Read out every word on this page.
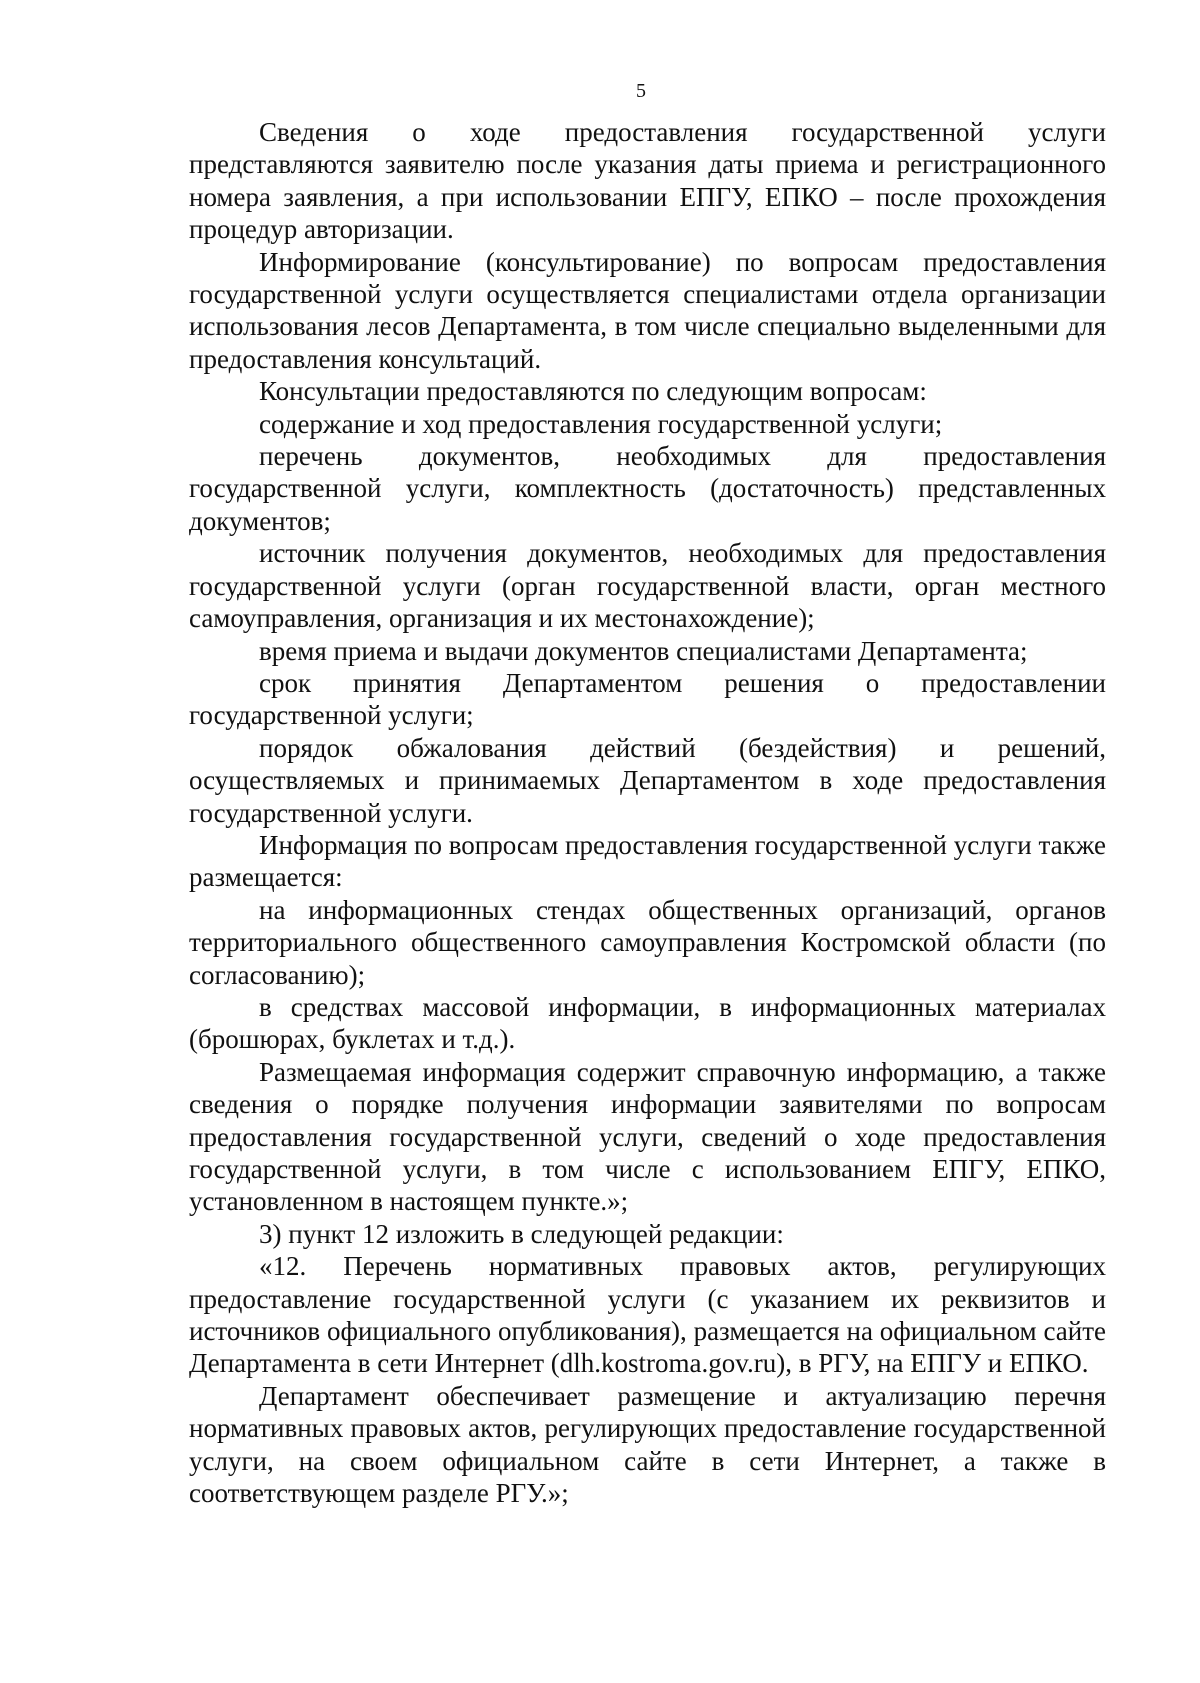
5

Сведения о ходе предоставления государственной услуги представляются заявителю после указания даты приема и регистрационного номера заявления, а при использовании ЕПГУ, ЕПКО – после прохождения процедур авторизации.

Информирование (консультирование) по вопросам предоставления государственной услуги осуществляется специалистами отдела организации использования лесов Департамента, в том числе специально выделенными для предоставления консультаций.

Консультации предоставляются по следующим вопросам:

содержание и ход предоставления государственной услуги;

перечень документов, необходимых для предоставления государственной услуги, комплектность (достаточность) представленных документов;

источник получения документов, необходимых для предоставления государственной услуги (орган государственной власти, орган местного самоуправления, организация и их местонахождение);

время приема и выдачи документов специалистами Департамента;

срок принятия Департаментом решения о предоставлении государственной услуги;

порядок обжалования действий (бездействия) и решений, осуществляемых и принимаемых Департаментом в ходе предоставления государственной услуги.

Информация по вопросам предоставления государственной услуги также размещается:

на информационных стендах общественных организаций, органов территориального общественного самоуправления Костромской области (по согласованию);

в средствах массовой информации, в информационных материалах (брошюрах, буклетах и т.д.).

Размещаемая информация содержит справочную информацию, а также сведения о порядке получения информации заявителями по вопросам предоставления государственной услуги, сведений о ходе предоставления государственной услуги, в том числе с использованием ЕПГУ, ЕПКО, установленном в настоящем пункте.»;

3) пункт 12 изложить в следующей редакции:

«12. Перечень нормативных правовых актов, регулирующих предоставление государственной услуги (с указанием их реквизитов и источников официального опубликования), размещается на официальном сайте Департамента в сети Интернет (dlh.kostroma.gov.ru), в РГУ, на ЕПГУ и ЕПКО.

Департамент обеспечивает размещение и актуализацию перечня нормативных правовых актов, регулирующих предоставление государственной услуги, на своем официальном сайте в сети Интернет, а также в соответствующем разделе РГУ.»;
